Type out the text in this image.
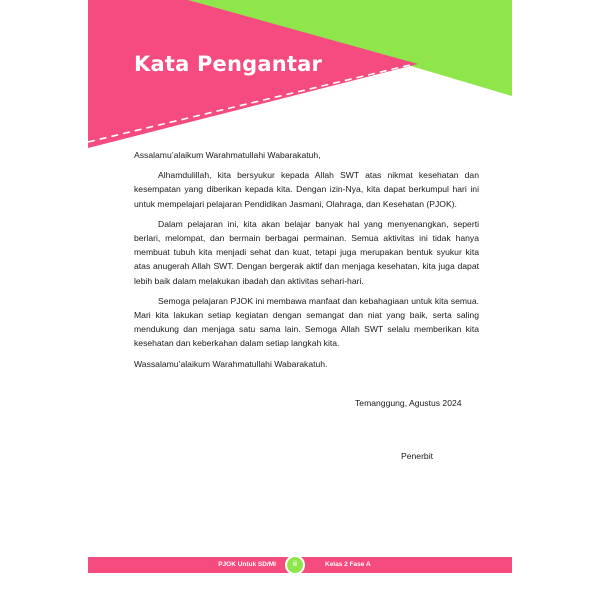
Kata Pengantar

Assalamu’alaikum Warahmatullahi Wabarakatuh,

Alhamdulillah, kita bersyukur kepada Allah SWT atas nikmat kesehatan dan kesempatan yang diberikan kepada kita. Dengan izin-Nya, kita dapat berkumpul hari ini untuk mempelajari pelajaran Pendidikan Jasmani, Olahraga, dan Kesehatan (PJOK).

Dalam pelajaran ini, kita akan belajar banyak hal yang menyenangkan, seperti berlari, melompat, dan bermain berbagai permainan. Semua aktivitas ini tidak hanya membuat tubuh kita menjadi sehat dan kuat, tetapi juga merupakan bentuk syukur kita atas anugerah Allah SWT. Dengan bergerak aktif dan menjaga kesehatan, kita juga dapat lebih baik dalam melakukan ibadah dan aktivitas sehari-hari.

Semoga pelajaran PJOK ini membawa manfaat dan kebahagiaan untuk kita semua. Mari kita lakukan setiap kegiatan dengan semangat dan niat yang baik, serta saling mendukung dan menjaga satu sama lain. Semoga Allah SWT selalu memberikan kita kesehatan dan keberkahan dalam setiap langkah kita.

Wassalamu’alaikum Warahmatullahi Wabarakatuh.

Temanggung, Agustus 2024
Penerbit
PJOK Untuk SD/MI	ii	Kelas 2 Fase A
